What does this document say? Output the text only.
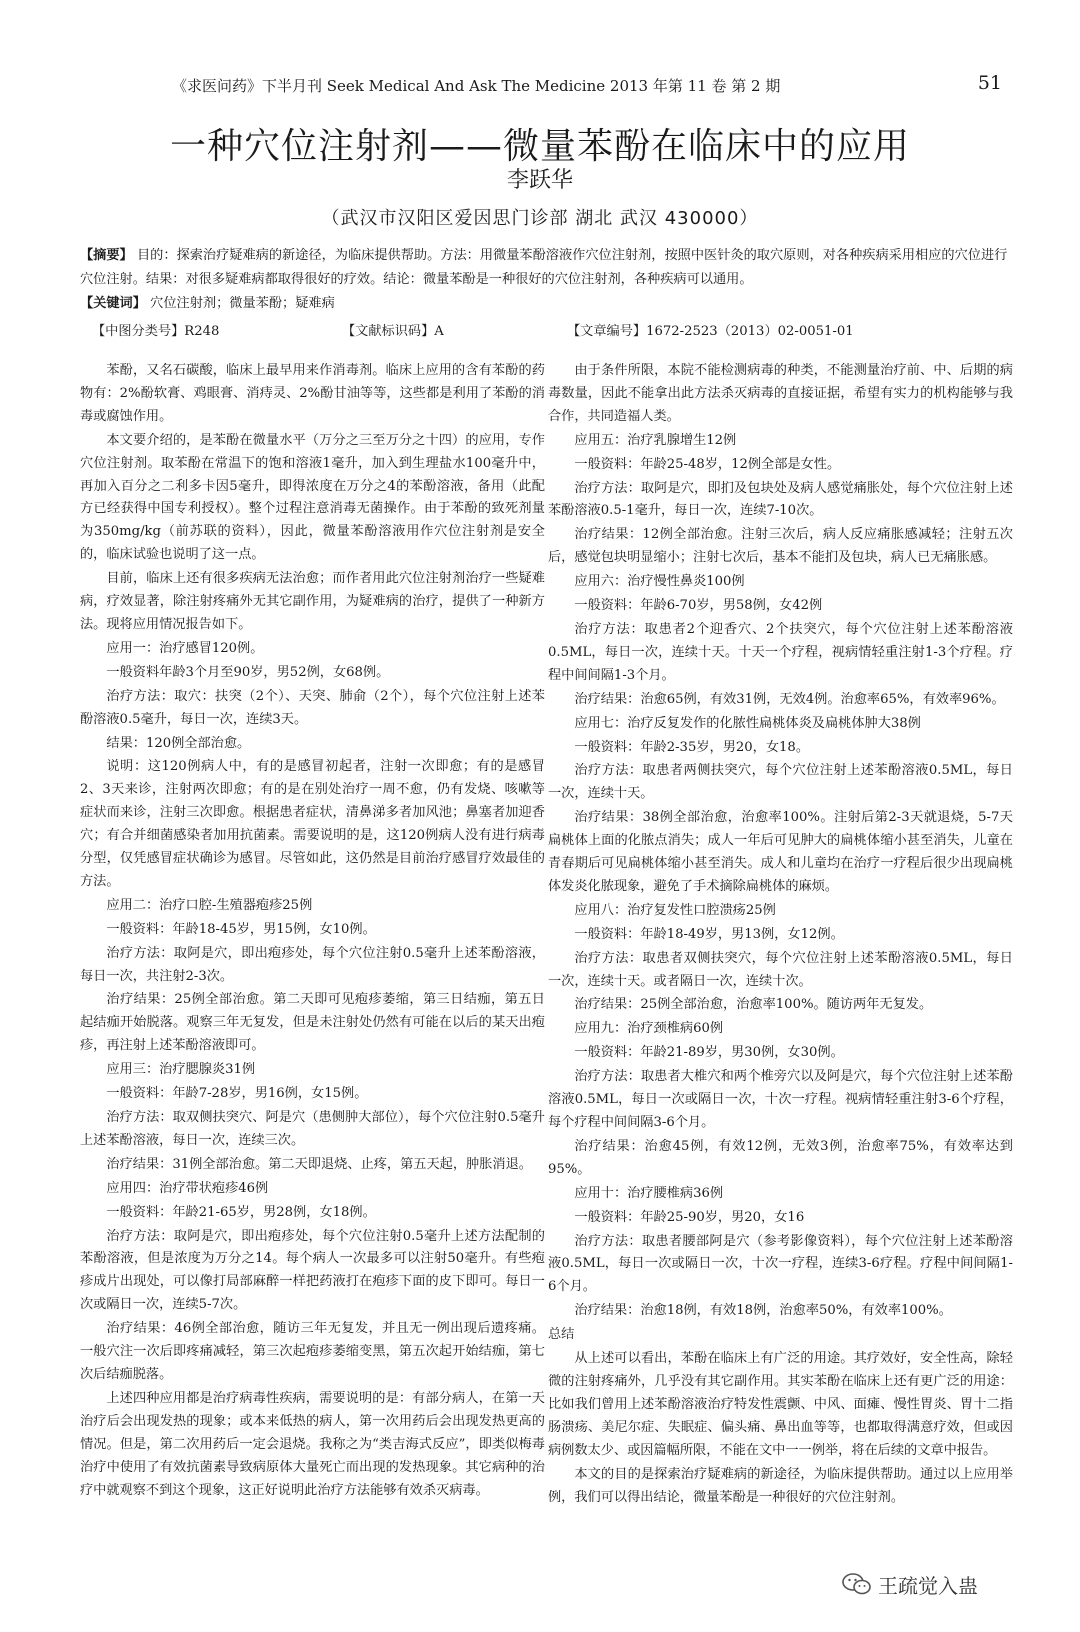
《求医问药》下半月刊 Seek Medical And Ask The Medicine 2013 年第 11 卷 第 2 期	51
一种穴位注射剂——微量苯酚在临床中的应用
李跃华
（武汉市汉阳区爱因思门诊部 湖北 武汉 430000）

【摘要】 目的：探索治疗疑难病的新途径，为临床提供帮助。方法：用微量苯酚溶液作穴位注射剂，按照中医针灸的取穴原则，对各种疾病采用相应的穴位进行穴位注射。结果：对很多疑难病都取得很好的疗效。结论：微量苯酚是一种很好的穴位注射剂，各种疾病可以通用。

【关键词】 穴位注射剂；微量苯酚；疑难病

【中图分类号】R248	【文献标识码】A	【文章编号】1672-2523（2013）02-0051-01

苯酚，又名石碳酸，临床上最早用来作消毒剂。临床上应用的含有苯酚的药物有：2%酚软膏、鸡眼膏、消痔灵、2%酚甘油等等，这些都是利用了苯酚的消毒或腐蚀作用。

本文要介绍的，是苯酚在微量水平（万分之三至万分之十四）的应用，专作穴位注射剂。取苯酚在常温下的饱和溶液1毫升，加入到生理盐水100毫升中，再加入百分之二利多卡因5毫升，即得浓度在万分之4的苯酚溶液，备用（此配方已经获得中国专利授权）。整个过程注意消毒无菌操作。由于苯酚的致死剂量为350mg/kg（前苏联的资料），因此，微量苯酚溶液用作穴位注射剂是安全的，临床试验也说明了这一点。

目前，临床上还有很多疾病无法治愈；而作者用此穴位注射剂治疗一些疑难病，疗效显著，除注射疼痛外无其它副作用，为疑难病的治疗，提供了一种新方法。现将应用情况报告如下。

应用一：治疗感冒120例。

一般资料年龄3个月至90岁，男52例，女68例。

治疗方法：取穴：扶突（2个）、天突、肺俞（2个），每个穴位注射上述苯酚溶液0.5毫升，每日一次，连续3天。

结果：120例全部治愈。

说明：这120例病人中，有的是感冒初起者，注射一次即愈；有的是感冒2、3天来诊，注射两次即愈；有的是在别处治疗一周不愈，仍有发烧、咳嗽等症状而来诊，注射三次即愈。根据患者症状，清鼻涕多者加风池；鼻塞者加迎香穴；有合并细菌感染者加用抗菌素。需要说明的是，这120例病人没有进行病毒分型，仅凭感冒症状确诊为感冒。尽管如此，这仍然是目前治疗感冒疗效最佳的方法。

应用二：治疗口腔-生殖器疱疹25例

一般资料：年龄18-45岁，男15例，女10例。

治疗方法：取阿是穴，即出疱疹处，每个穴位注射0.5毫升上述苯酚溶液，每日一次，共注射2-3次。

治疗结果：25例全部治愈。第二天即可见疱疹萎缩，第三日结痂，第五日起结痂开始脱落。观察三年无复发，但是未注射处仍然有可能在以后的某天出疱疹，再注射上述苯酚溶液即可。

应用三：治疗腮腺炎31例

一般资料：年龄7-28岁，男16例，女15例。

治疗方法：取双侧扶突穴、阿是穴（患侧肿大部位），每个穴位注射0.5毫升上述苯酚溶液，每日一次，连续三次。

治疗结果：31例全部治愈。第二天即退烧、止疼，第五天起，肿胀消退。

应用四：治疗带状疱疹46例

一般资料：年龄21-65岁，男28例，女18例。

治疗方法：取阿是穴，即出疱疹处，每个穴位注射0.5毫升上述方法配制的苯酚溶液，但是浓度为万分之14。每个病人一次最多可以注射50毫升。有些疱疹成片出现处，可以像打局部麻醉一样把药液打在疱疹下面的皮下即可。每日一次或隔日一次，连续5-7次。

治疗结果：46例全部治愈，随访三年无复发，并且无一例出现后遗疼痛。一般穴注一次后即疼痛减轻，第三次起疱疹萎缩变黑，第五次起开始结痂，第七次后结痂脱落。

上述四种应用都是治疗病毒性疾病，需要说明的是：有部分病人，在第一天治疗后会出现发热的现象；或本来低热的病人，第一次用药后会出现发热更高的情况。但是，第二次用药后一定会退烧。我称之为“类吉海式反应”，即类似梅毒治疗中使用了有效抗菌素导致病原体大量死亡而出现的发热现象。其它病种的治疗中就观察不到这个现象，这正好说明此治疗方法能够有效杀灭病毒。

由于条件所限，本院不能检测病毒的种类，不能测量治疗前、中、后期的病毒数量，因此不能拿出此方法杀灭病毒的直接证据，希望有实力的机构能够与我合作，共同造福人类。

应用五：治疗乳腺增生12例

一般资料：年龄25-48岁，12例全部是女性。

治疗方法：取阿是穴，即扪及包块处及病人感觉痛胀处，每个穴位注射上述苯酚溶液0.5-1毫升，每日一次，连续7-10次。

治疗结果：12例全部治愈。注射三次后，病人反应痛胀感减轻；注射五次后，感觉包块明显缩小；注射七次后，基本不能扪及包块，病人已无痛胀感。

应用六：治疗慢性鼻炎100例

一般资料：年龄6-70岁，男58例，女42例

治疗方法：取患者2个迎香穴、2个扶突穴，每个穴位注射上述苯酚溶液0.5ML，每日一次，连续十天。十天一个疗程，视病情轻重注射1-3个疗程。疗程中间间隔1-3个月。

治疗结果：治愈65例，有效31例，无效4例。治愈率65%，有效率96%。

应用七：治疗反复发作的化脓性扁桃体炎及扁桃体肿大38例

一般资料：年龄2-35岁，男20，女18。

治疗方法：取患者两侧扶突穴，每个穴位注射上述苯酚溶液0.5ML，每日一次，连续十天。

治疗结果：38例全部治愈，治愈率100%。注射后第2-3天就退烧，5-7天扁桃体上面的化脓点消失；成人一年后可见肿大的扁桃体缩小甚至消失，儿童在青春期后可见扁桃体缩小甚至消失。成人和儿童均在治疗一疗程后很少出现扁桃体发炎化脓现象，避免了手术摘除扁桃体的麻烦。

应用八：治疗复发性口腔溃疡25例

一般资料：年龄18-49岁，男13例，女12例。

治疗方法：取患者双侧扶突穴，每个穴位注射上述苯酚溶液0.5ML，每日一次，连续十天。或者隔日一次，连续十次。

治疗结果：25例全部治愈，治愈率100%。随访两年无复发。

应用九：治疗颈椎病60例

一般资料：年龄21-89岁，男30例，女30例。

治疗方法：取患者大椎穴和两个椎旁穴以及阿是穴，每个穴位注射上述苯酚溶液0.5ML，每日一次或隔日一次，十次一疗程。视病情轻重注射3-6个疗程，每个疗程中间间隔3-6个月。

治疗结果：治愈45例，有效12例，无效3例，治愈率75%，有效率达到95%。

应用十：治疗腰椎病36例

一般资料：年龄25-90岁，男20，女16

治疗方法：取患者腰部阿是穴（参考影像资料），每个穴位注射上述苯酚溶液0.5ML，每日一次或隔日一次，十次一疗程，连续3-6疗程。疗程中间间隔1-6个月。

治疗结果：治愈18例，有效18例，治愈率50%，有效率100%。

总结

从上述可以看出，苯酚在临床上有广泛的用途。其疗效好，安全性高，除轻微的注射疼痛外，几乎没有其它副作用。其实苯酚在临床上还有更广泛的用途：比如我们曾用上述苯酚溶液治疗特发性震颤、中风、面瘫、慢性胃炎、胃十二指肠溃疡、美尼尔症、失眠症、偏头痛、鼻出血等等，也都取得满意疗效，但或因病例数太少、或因篇幅所限，不能在文中一一例举，将在后续的文章中报告。

本文的目的是探索治疗疑难病的新途径，为临床提供帮助。通过以上应用举例，我们可以得出结论，微量苯酚是一种很好的穴位注射剂。

王疏觉入蛊
